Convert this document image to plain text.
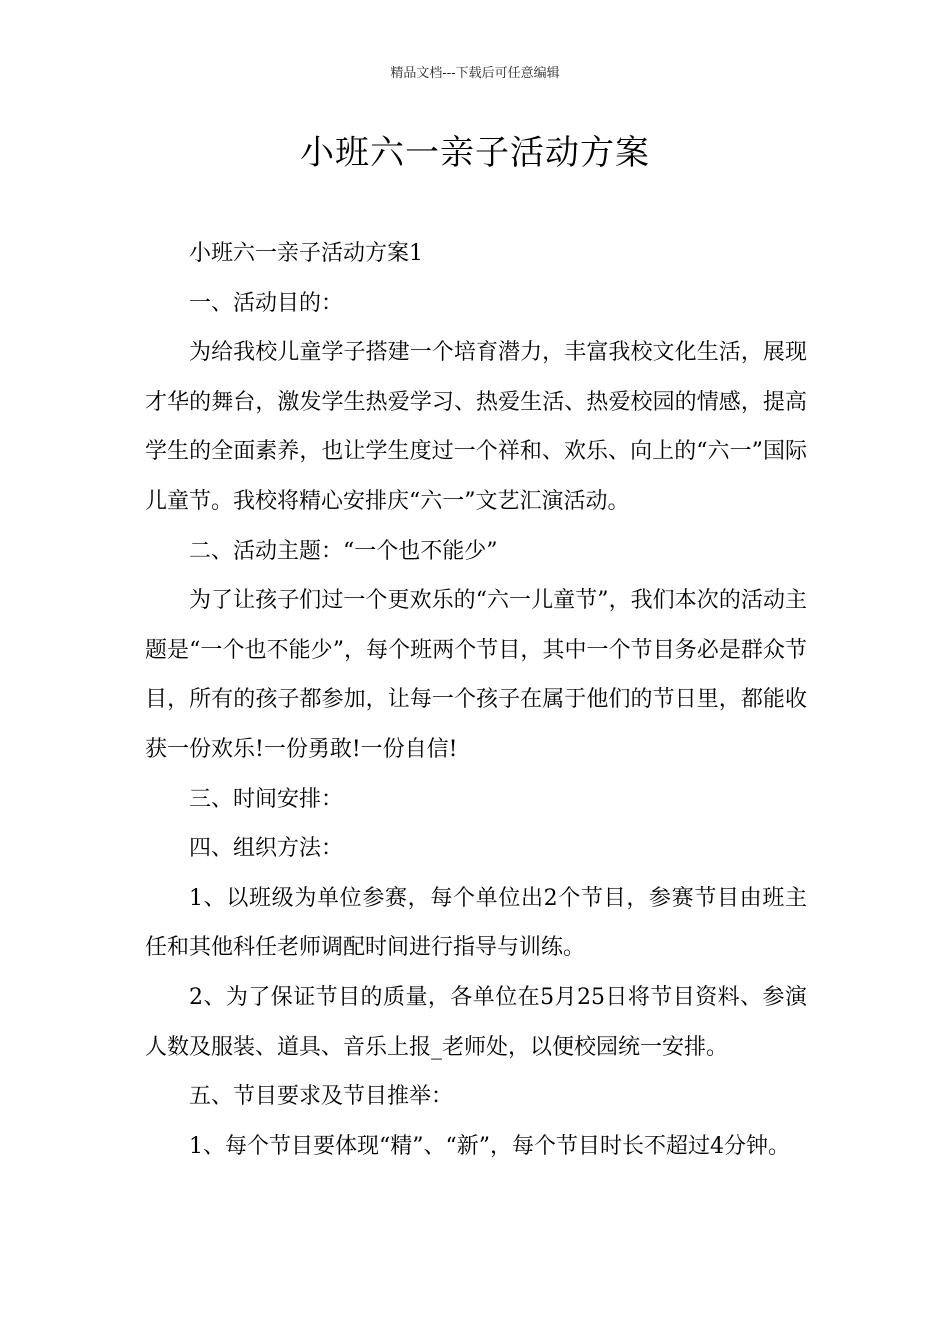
精品文档---下载后可任意编辑
小班六一亲子活动方案

小班六一亲子活动方案1

一、活动目的：

为给我校儿童学子搭建一个培育潜力，丰富我校文化生活，展现才华的舞台，激发学生热爱学习、热爱生活、热爱校园的情感，提高学生的全面素养，也让学生度过一个祥和、欢乐、向上的“六一”国际儿童节。我校将精心安排庆“六一”文艺汇演活动。

二、活动主题：“一个也不能少”

为了让孩子们过一个更欢乐的“六一儿童节”，我们本次的活动主题是“一个也不能少”，每个班两个节目，其中一个节目务必是群众节目，所有的孩子都参加，让每一个孩子在属于他们的节日里，都能收获一份欢乐!一份勇敢!一份自信!

三、时间安排：

四、组织方法：

1、以班级为单位参赛，每个单位出2个节目，参赛节目由班主任和其他科任老师调配时间进行指导与训练。

2、为了保证节目的质量，各单位在5月25日将节目资料、参演人数及服装、道具、音乐上报_老师处，以便校园统一安排。

五、节目要求及节目推举：

1、每个节目要体现“精”、“新”，每个节目时长不超过4分钟。
